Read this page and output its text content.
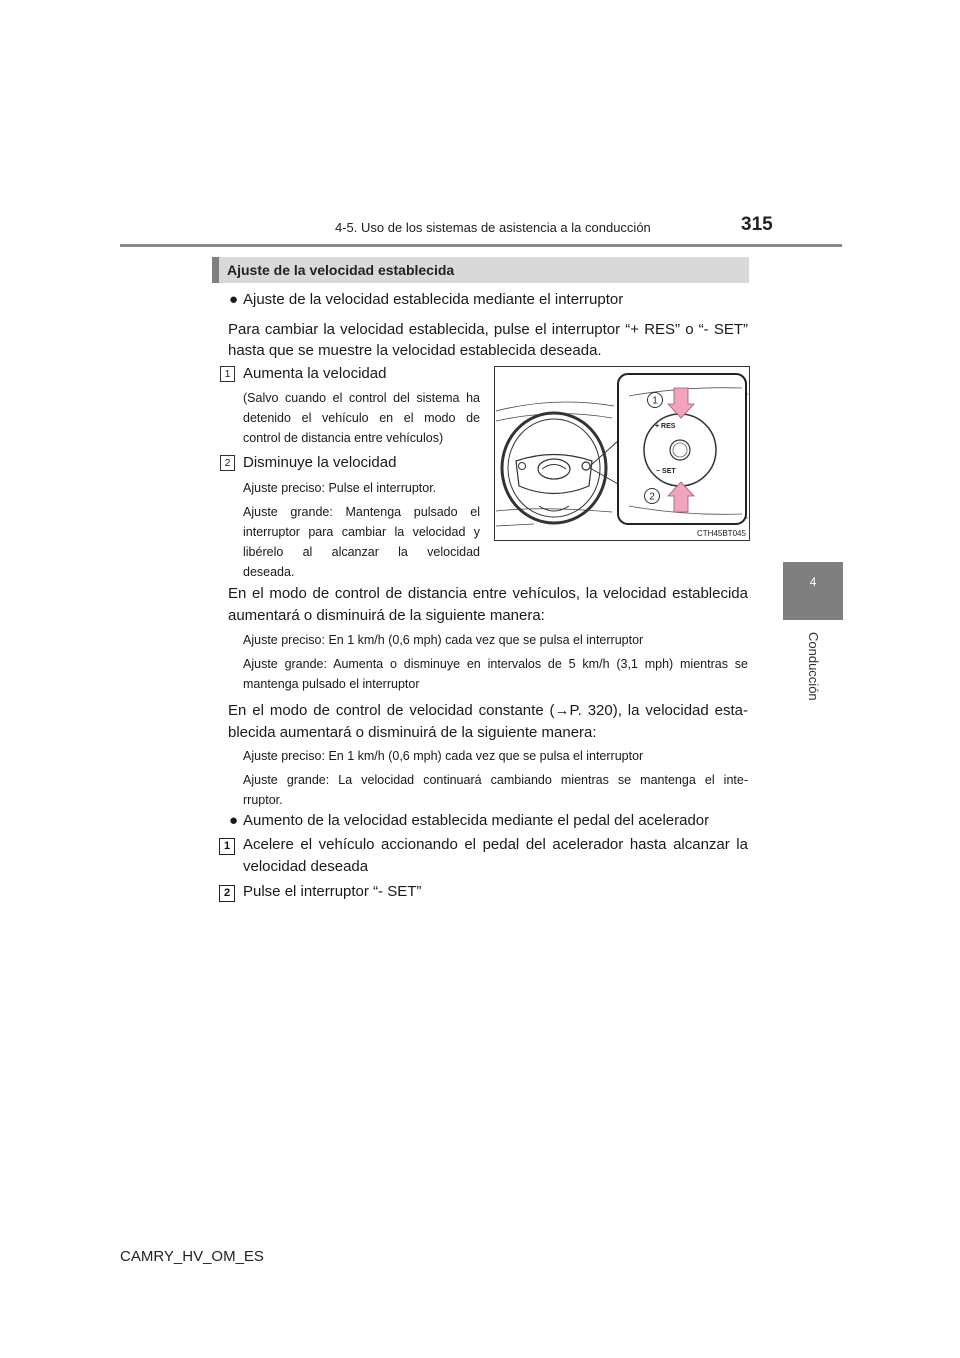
4-5. Uso de los sistemas de asistencia a la conducción	315
4
Conducción
Ajuste de la velocidad establecida
● Ajuste de la velocidad establecida mediante el interruptor
Para cambiar la velocidad establecida, pulse el interruptor “+ RES” o “- SET”
hasta que se muestre la velocidad establecida deseada.
1 Aumenta la velocidad
(Salvo cuando el control del sistema ha
detenido el vehículo en el modo de
control de distancia entre vehículos)
2 Disminuye la velocidad
Ajuste preciso: Pulse el interruptor.
Ajuste grande: Mantenga pulsado el
interruptor para cambiar la velocidad y
libérelo al alcanzar la velocidad
deseada.
+ RES
− SET
1
2
CTH45BT045
En el modo de control de distancia entre vehículos, la velocidad establecida
aumentará o disminuirá de la siguiente manera:
Ajuste preciso: En 1 km/h (0,6 mph) cada vez que se pulsa el interruptor
Ajuste grande: Aumenta o disminuye en intervalos de 5 km/h (3,1 mph) mientras se
mantenga pulsado el interruptor
En el modo de control de velocidad constante (→P. 320), la velocidad esta-
blecida aumentará o disminuirá de la siguiente manera:
Ajuste preciso: En 1 km/h (0,6 mph) cada vez que se pulsa el interruptor
Ajuste grande: La velocidad continuará cambiando mientras se mantenga el inte-
rruptor.
● Aumento de la velocidad establecida mediante el pedal del acelerador
1 Acelere el vehículo accionando el pedal del acelerador hasta alcanzar la
velocidad deseada
2 Pulse el interruptor “- SET”
CAMRY_HV_OM_ES
